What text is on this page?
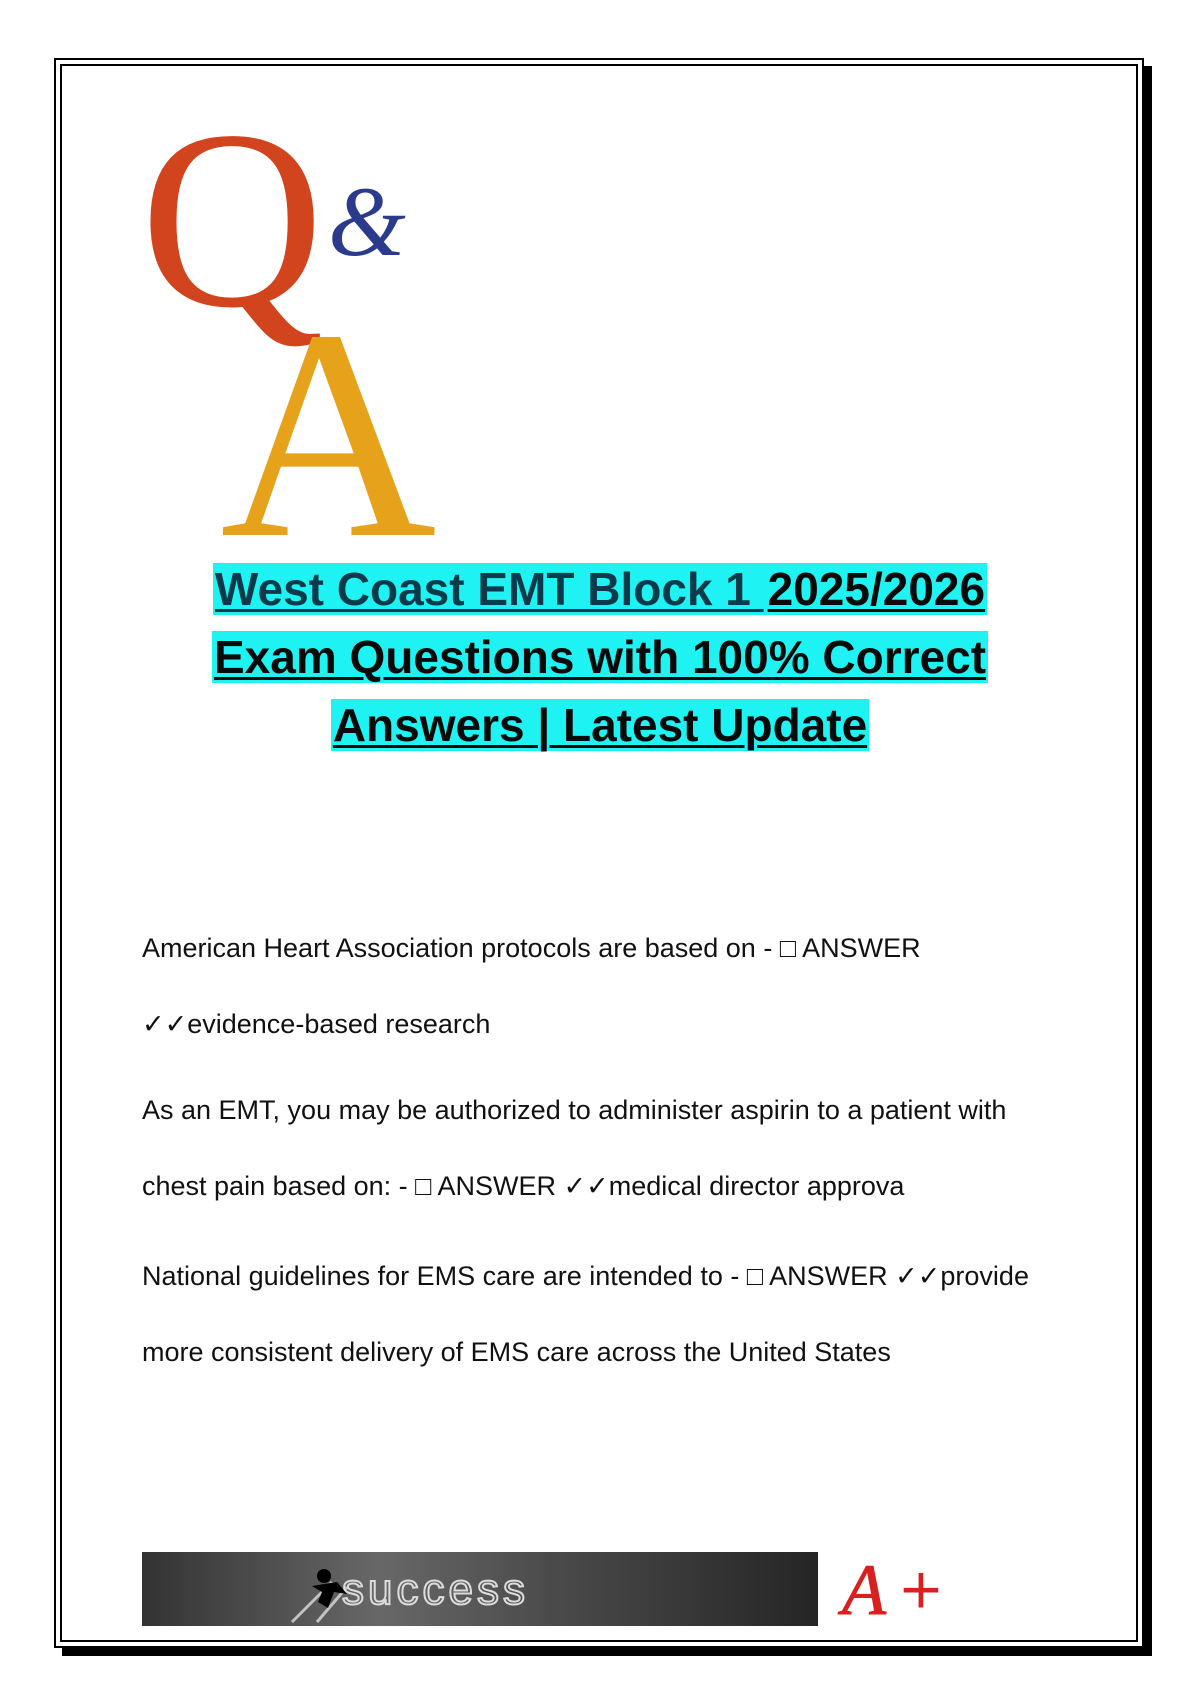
Q &
A
West Coast EMT Block 1 2025/2026
Exam Questions with 100% Correct
Answers | Latest Update

American Heart Association protocols are based on - □ ANSWER

✓✓evidence-based research

As an EMT, you may be authorized to administer aspirin to a patient with

chest pain based on: - □ ANSWER ✓✓medical director approva

National guidelines for EMS care are intended to - □ ANSWER ✓✓provide

more consistent delivery of EMS care across the United States

success	A+
